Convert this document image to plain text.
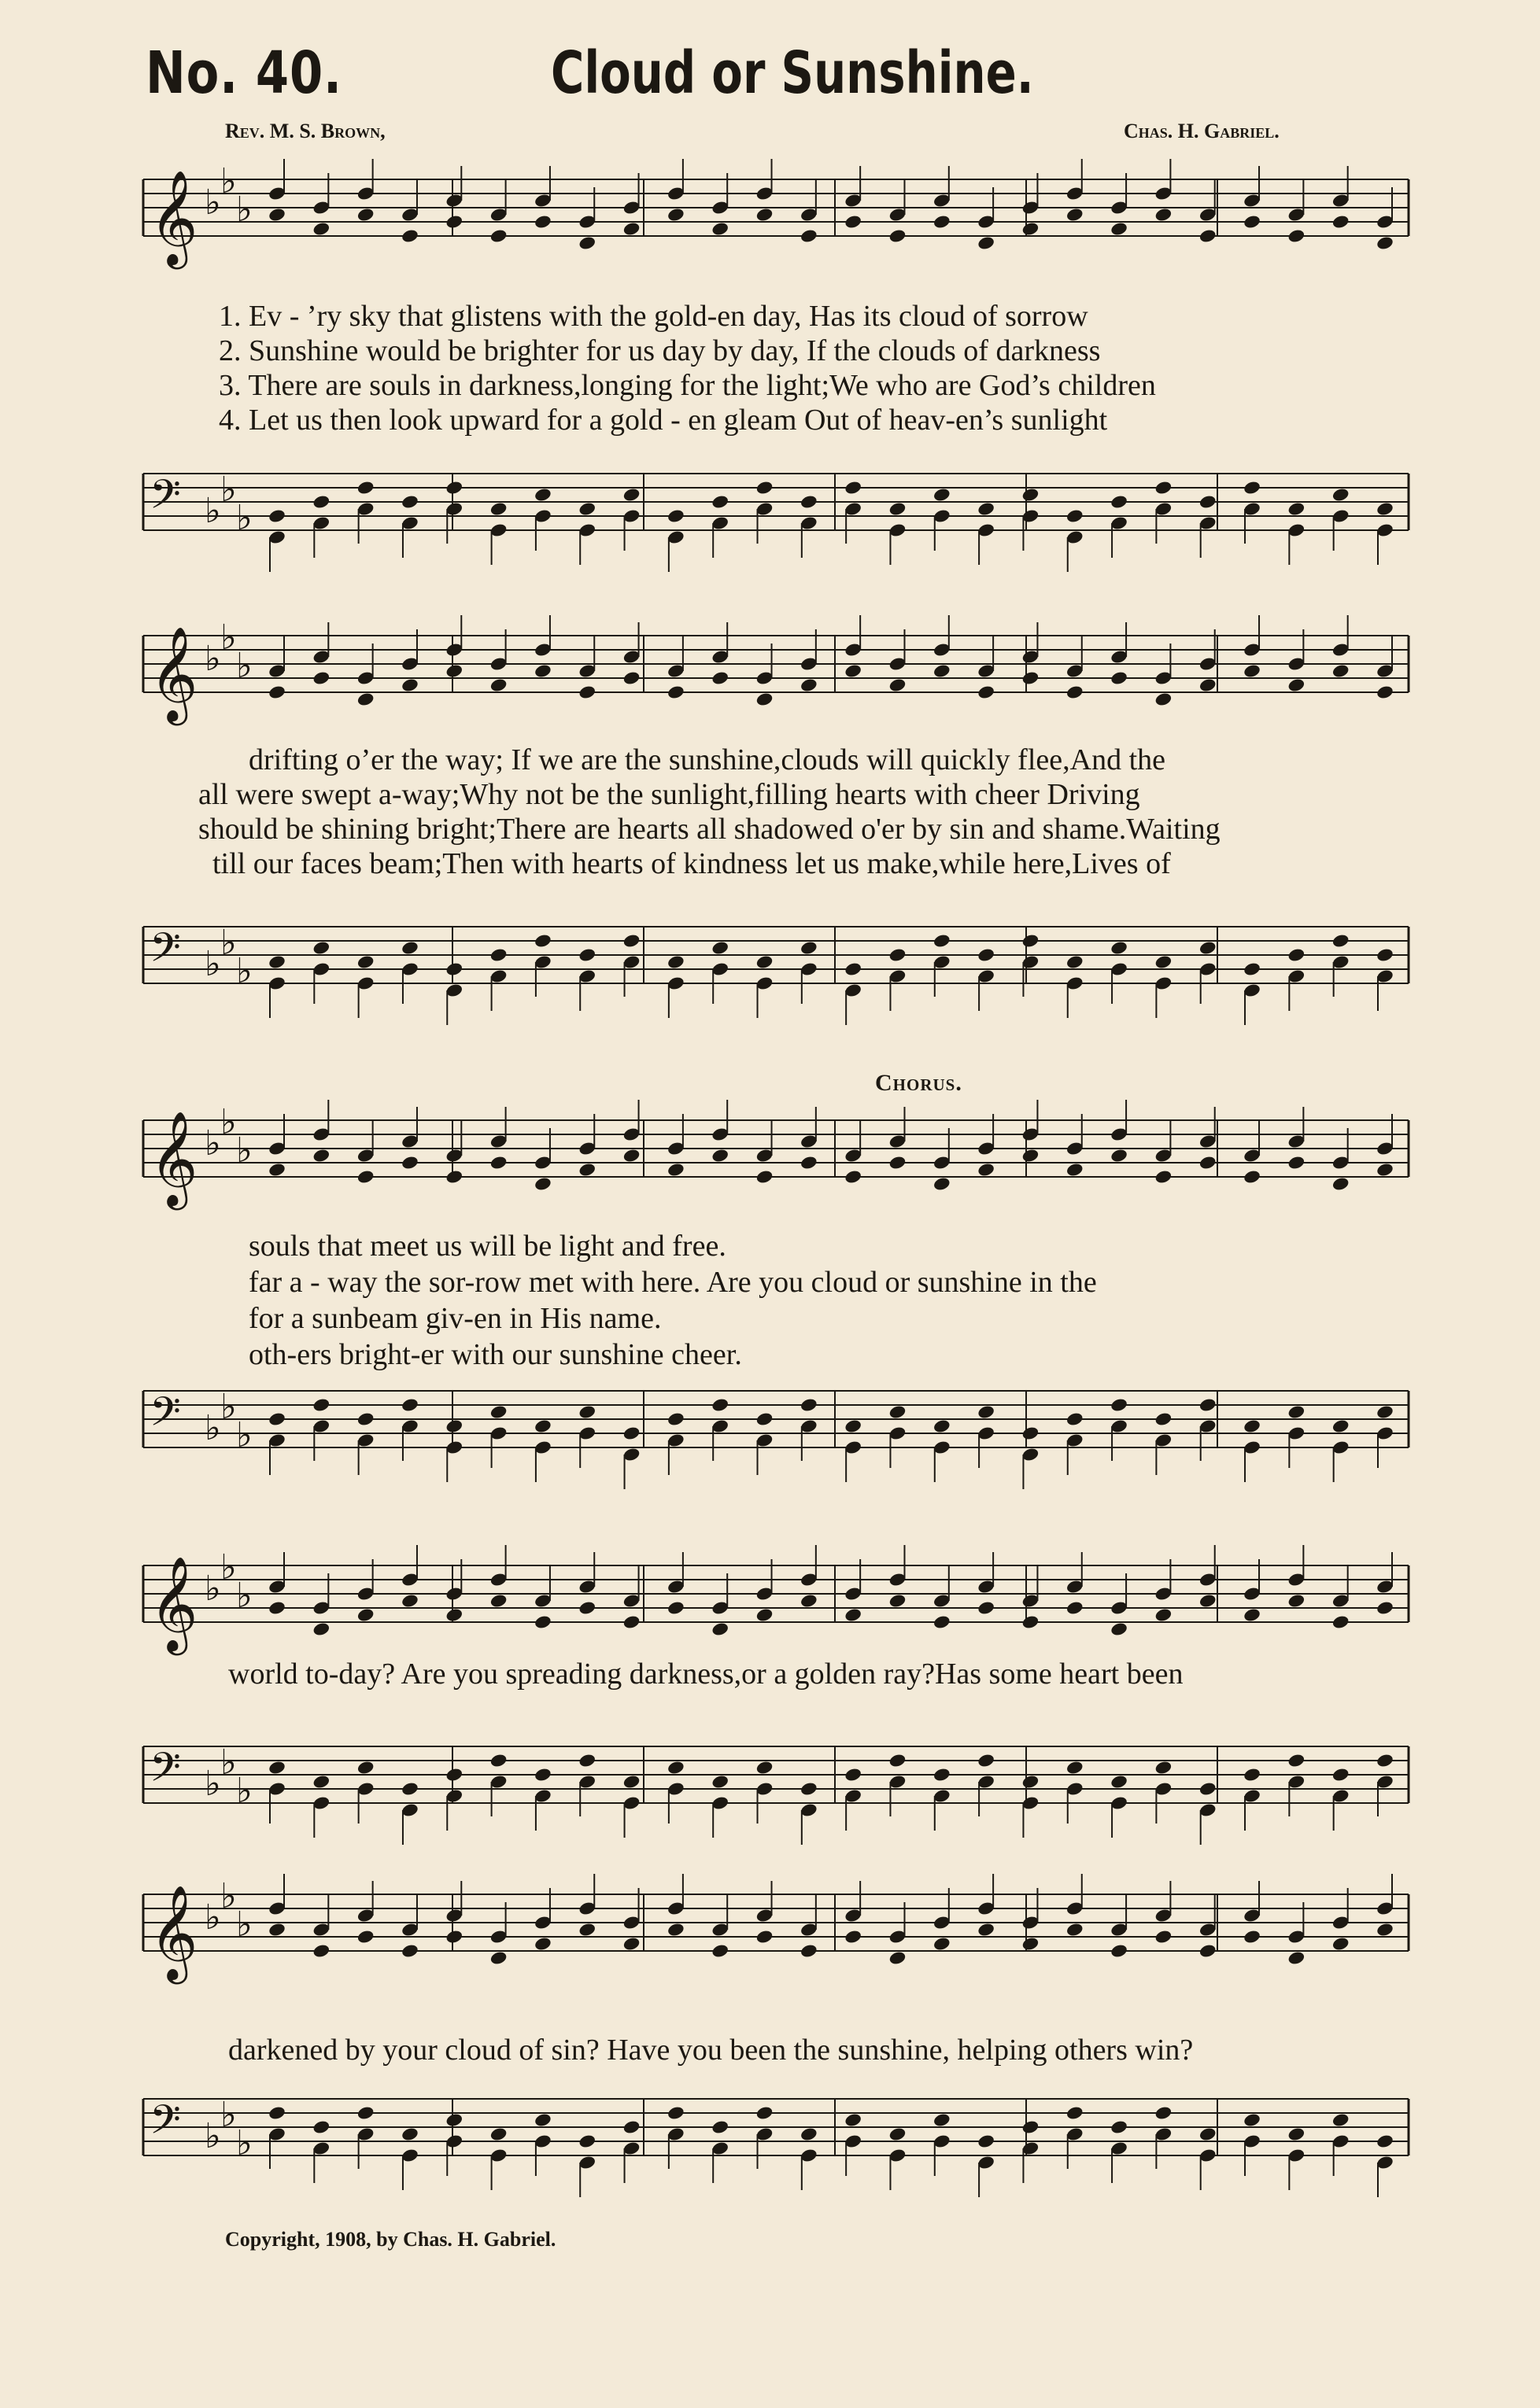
No. 40.	Cloud or Sunshine.
Rev. M. S. Brown,	Chas. H. Gabriel.
𝄞 ♭
♭
♭
𝄢 ♭
♭
♭
1. Ev - ’ry sky that glistens with the gold-en day, Has its cloud of sorrow
2. Sunshine would be brighter for us day by day, If the clouds of darkness
3. There are souls in darkness,longing for the light;We who are God’s children
4. Let us then look upward for a gold - en gleam Out of heav-en’s sunlight
𝄞 ♭
♭
♭
𝄢 ♭
♭
♭
drifting o’er the way; If we are the sunshine,clouds will quickly flee,And the
all were swept a-way;Why not be the sunlight,filling hearts with cheer Driving
should be shining bright;There are hearts all shadowed o'er by sin and shame.Waiting
till our faces beam;Then with hearts of kindness let us make,while here,Lives of
Chorus.
𝄞 ♭
♭
♭
𝄢 ♭
♭
♭
souls that meet us will be light and free.
far a - way the sor-row met with here. Are you cloud or sunshine in the
for a sunbeam giv-en in His name.
oth-ers bright-er with our sunshine cheer.
𝄞 ♭
♭
♭
𝄢 ♭
♭
♭
world to-day? Are you spreading darkness,or a golden ray?Has some heart been
𝄞 ♭
♭
♭
𝄢 ♭
♭
♭
darkened by your cloud of sin? Have you been the sunshine, helping others win?
Copyright, 1908, by Chas. H. Gabriel.
